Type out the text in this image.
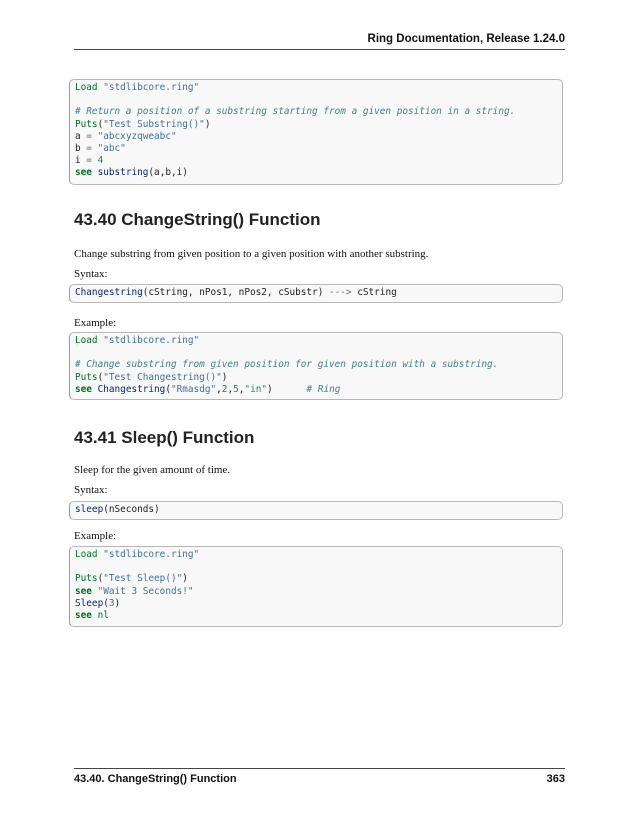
Ring Documentation, Release 1.24.0
Load "stdlibcore.ring"
# Return a position of a substring starting from a given position in a string.
Puts("Test Substring()")
a = "abcxyzqweabc"
b = "abc"
i = 4
see substring(a,b,i)
43.40 ChangeString() Function
Change substring from given position to a given position with another substring.
Syntax:
Changestring(cString, nPos1, nPos2, cSubstr) ---> cString
Example:
Load "stdlibcore.ring"
# Change substring from given position for given position with a substring.
Puts("Test Changestring()")
see Changestring("Rmasdg",2,5,"in")      # Ring
43.41 Sleep() Function
Sleep for the given amount of time.
Syntax:
sleep(nSeconds)
Example:
Load "stdlibcore.ring"
Puts("Test Sleep()")
see "Wait 3 Seconds!"
Sleep(3)
see nl
43.40. ChangeString() Function	363
